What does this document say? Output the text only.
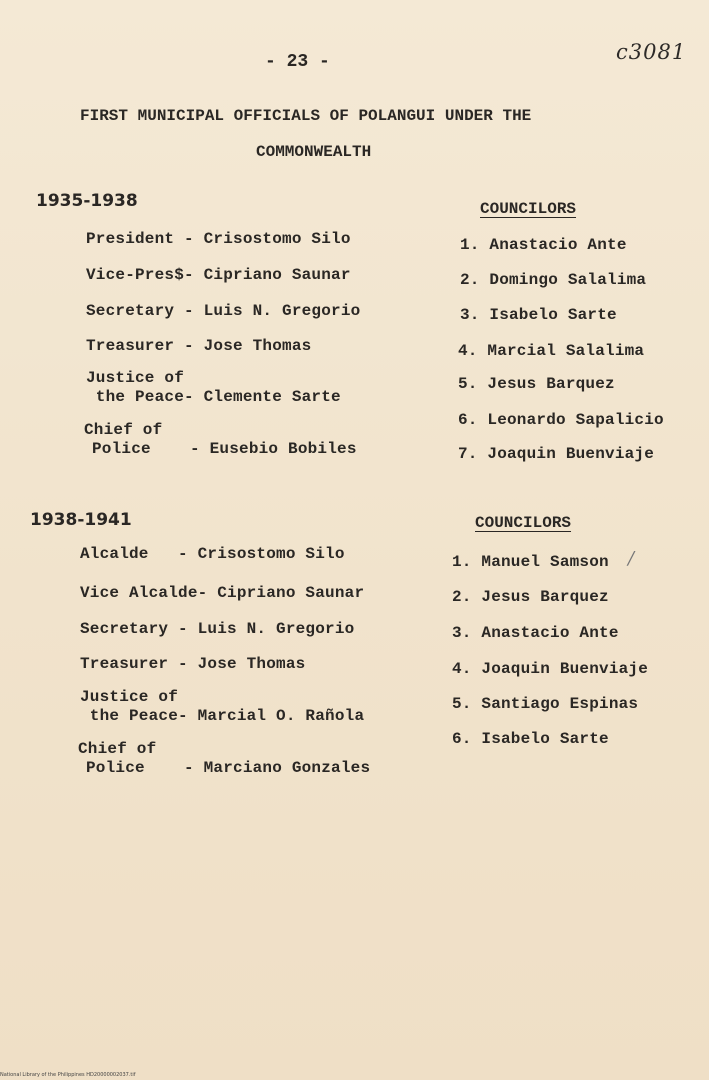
- 23 -	c3081
FIRST MUNICIPAL OFFICIALS OF POLANGUI UNDER THE
COMMONWEALTH
1935-1938
President - Crisostomo Silo
Vice-Pres$- Cipriano Saunar
Secretary - Luis N. Gregorio
Treasurer - Jose Thomas
Justice of
the Peace- Clemente Sarte
Chief of
Police    - Eusebio Bobiles
COUNCILORS
1. Anastacio Ante
2. Domingo Salalima
3. Isabelo Sarte
4. Marcial Salalima
5. Jesus Barquez
6. Leonardo Sapalicio
7. Joaquin Buenviaje
1938-1941
Alcalde   - Crisostomo Silo
Vice Alcalde- Cipriano Saunar
Secretary - Luis N. Gregorio
Treasurer - Jose Thomas
Justice of
the Peace- Marcial O. Rañola
Chief of
Police    - Marciano Gonzales
COUNCILORS
1. Manuel Samson /
2. Jesus Barquez
3. Anastacio Ante
4. Joaquin Buenviaje
5. Santiago Espinas
6. Isabelo Sarte
National Library of the Philippines HD20000002037.tif
